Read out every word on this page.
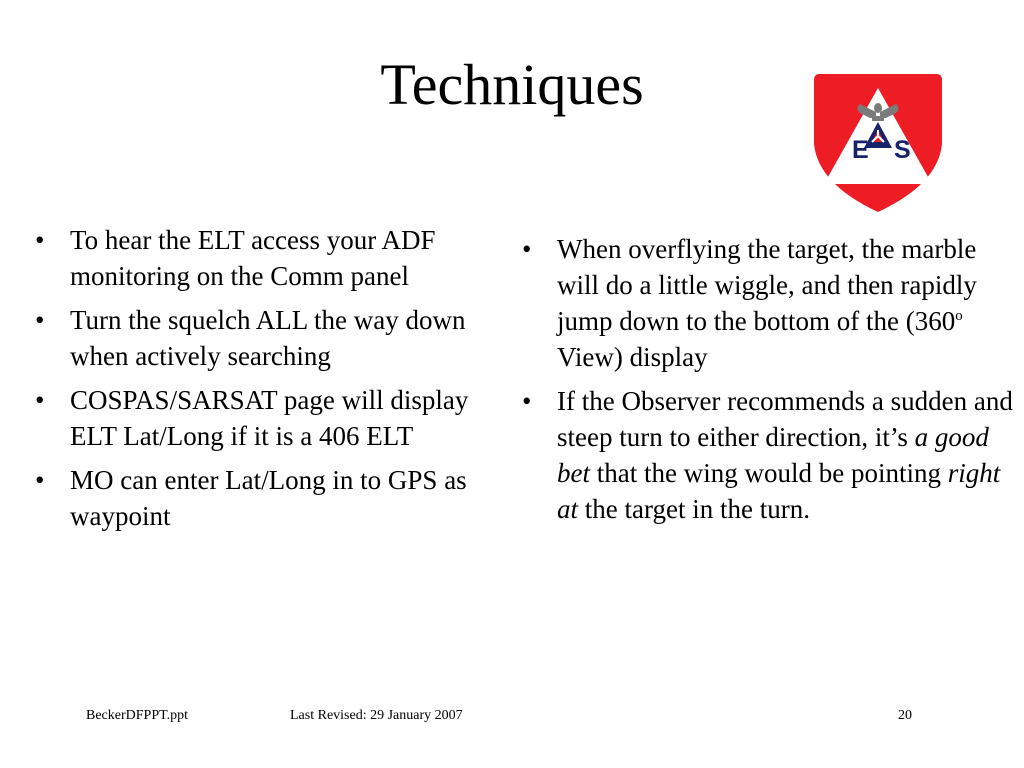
Techniques
E S
• To hear the ELT access your ADF monitoring on the Comm panel
• Turn the squelch ALL the way down when actively searching
• COSPAS/SARSAT page will display ELT Lat/Long if it is a 406 ELT
• MO can enter Lat/Long in to GPS as waypoint
• When overflying the target, the marble will do a little wiggle, and then rapidly jump down to the bottom of the (360$^o$ View) display
• If the Observer recommends a sudden and steep turn to either direction, it’s a good bet that the wing would be pointing right at the target in the turn.
BeckerDFPPT.ppt	Last Revised: 29 January 2007	20
